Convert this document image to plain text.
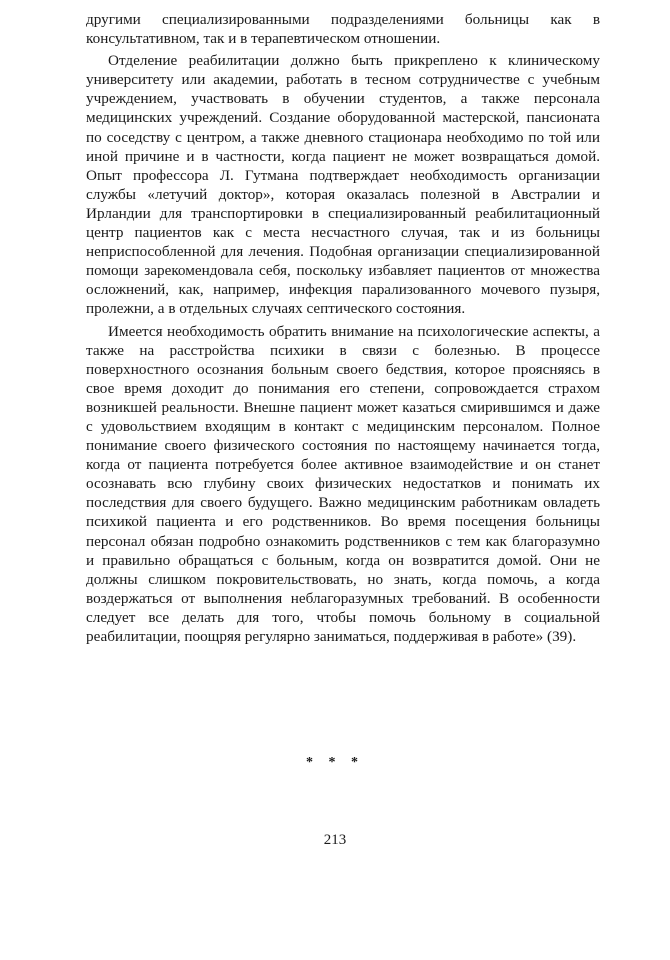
другими специализированными подразделениями больницы как в консультативном, так и в терапевтическом отношении.

Отделение реабилитации должно быть прикреплено к клиническому университету или академии, работать в тесном сотрудничестве с учебным учреждением, участвовать в обучении студентов, а также персонала медицинских учреждений. Создание оборудованной мастерской, пансионата по соседству с центром, а также дневного стационара необходимо по той или иной причине и в частности, когда пациент не может возвращаться домой. Опыт профессора Л. Гутмана подтверждает необходимость организации службы «летучий доктор», которая оказалась полезной в Австралии и Ирландии для транспортировки в специализированный реабилитационный центр пациентов как с места несчастного случая, так и из больницы неприспособленной для лечения. Подобная организации специализированной помощи зарекомендовала себя, поскольку избавляет пациентов от множества осложнений, как, например, инфекция парализованного мочевого пузыря, пролежни, а в отдельных случаях септического состояния.

Имеется необходимость обратить внимание на психологические аспекты, а также на расстройства психики в связи с болезнью. В процессе поверхностного осознания больным своего бедствия, которое проясняясь в свое время доходит до понимания его степени, сопровождается страхом возникшей реальности. Внешне пациент может казаться смирившимся и даже с удовольствием входящим в контакт с медицинским персоналом. Полное понимание своего физического состояния по настоящему начинается тогда, когда от пациента потребуется более активное взаимодействие и он станет осознавать всю глубину своих физических недостатков и понимать их последствия для своего будущего. Важно медицинским работникам овладеть психикой пациента и его родственников. Во время посещения больницы персонал обязан подробно ознакомить родственников с тем как благоразумно и правильно обращаться с больным, когда он возвратится домой. Они не должны слишком покровительствовать, но знать, когда помочь, а когда воздержаться от выполнения неблагоразумных требований. В особенности следует все делать для того, чтобы помочь больному в социальной реабилитации, поощряя регулярно заниматься, поддерживая в работе» (39).

* * *
213
